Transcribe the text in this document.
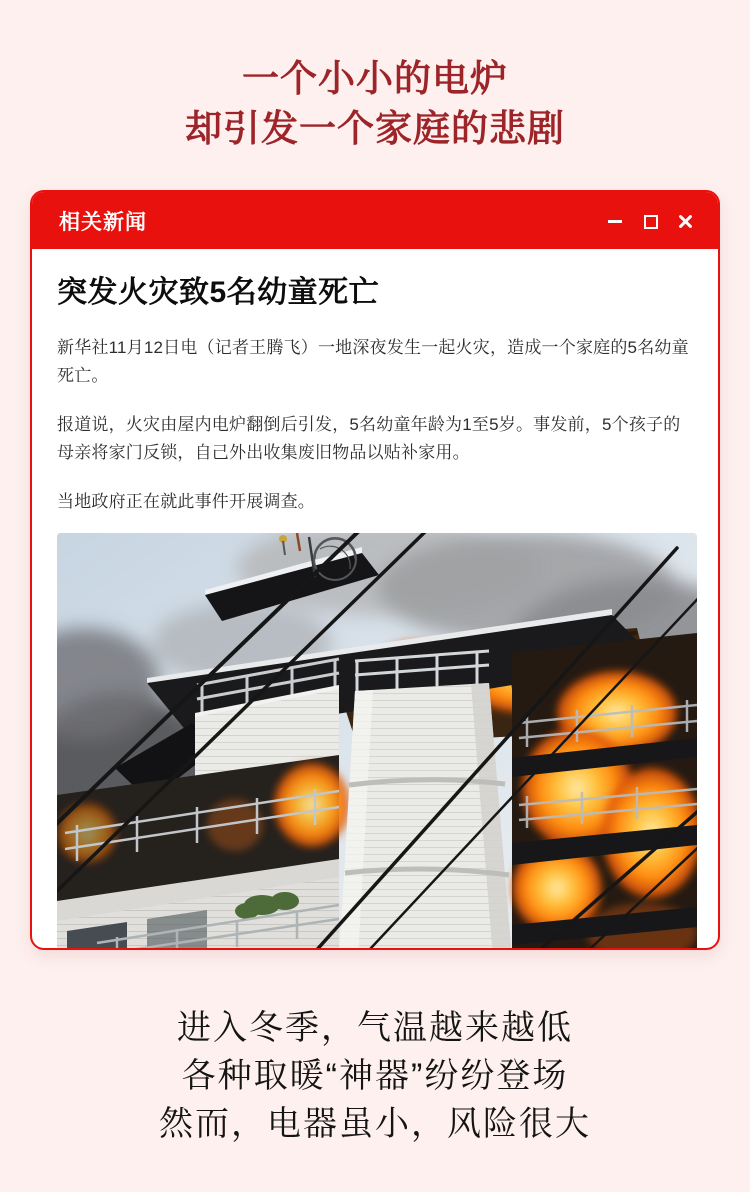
一个小小的电炉
却引发一个家庭的悲剧
相关新闻
突发火灾致5名幼童死亡

新华社11月12日电（记者王腾飞）一地深夜发生一起火灾，造成一个家庭的5名幼童死亡。

报道说，火灾由屋内电炉翻倒后引发，5名幼童年龄为1至5岁。事发前，5个孩子的母亲将家门反锁，自己外出收集废旧物品以贴补家用。

当地政府正在就此事件开展调查。

进入冬季，气温越来越低
各种取暖“神器”纷纷登场
然而，电器虽小，风险很大
